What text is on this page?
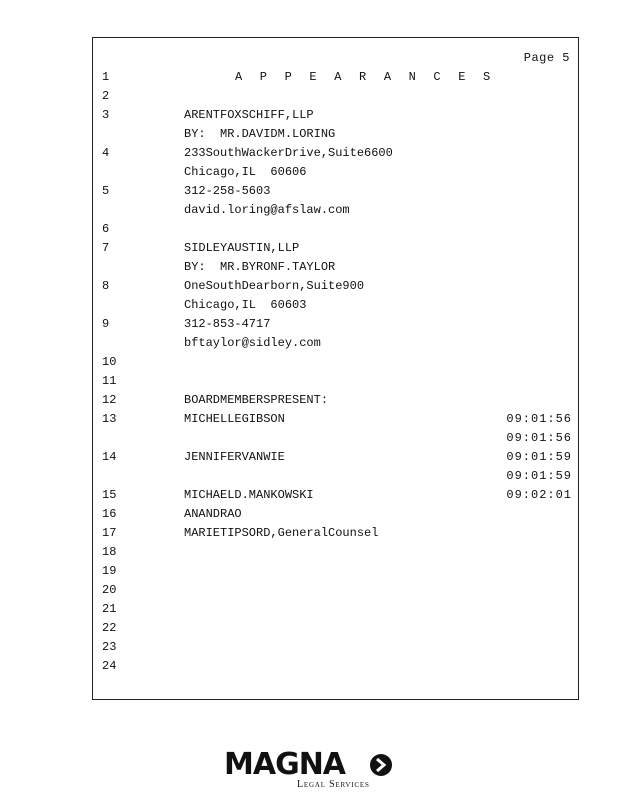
Page 5
1	A P P E A R A N C E S
2
3	ARENTFOXSCHIFF,LLP
BY:  MR.DAVIDM.LORING
4	233SouthWackerDrive,Suite6600
Chicago,IL  60606
5	312-258-5603
david.loring@afslaw.com
6
7	SIDLEYAUSTIN,LLP
BY:  MR.BYRONF.TAYLOR
8	OneSouthDearborn,Suite900
Chicago,IL  60603
9	312-853-4717
bftaylor@sidley.com
10
11
12	BOARDMEMBERSPRESENT:
13	MICHELLEGIBSON	09:01:56
09:01:56
14	JENNIFERVANWIE	09:01:59
09:01:59
15	MICHAELD.MANKOWSKI	09:02:01
16	ANANDRAO
17	MARIETIPSORD,GeneralCounsel
18
19
20
21
22
23
24
MAGNA
Legal Services
